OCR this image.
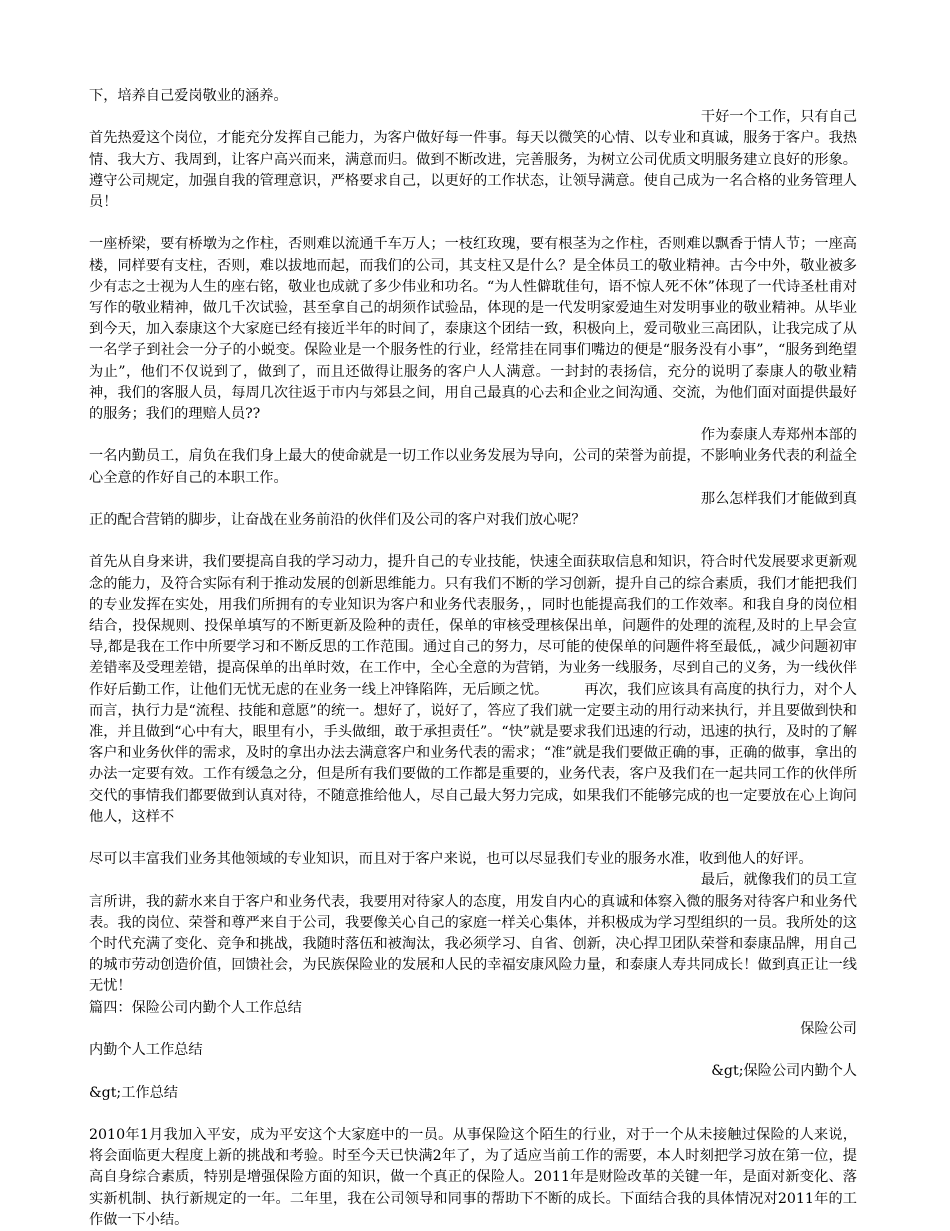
下，培养自己爱岗敬业的涵养。
干好一个工作，只有自己
首先热爱这个岗位，才能充分发挥自己能力，为客户做好每一件事。每天以微笑的心情、以专业和真诚，服务于客户。我热情、我大方、我周到，让客户高兴而来，满意而归。做到不断改进，完善服务，为树立公司优质文明服务建立良好的形象。遵守公司规定，加强自我的管理意识，严格要求自己，以更好的工作状态，让领导满意。使自己成为一名合格的业务管理人员！
一座桥梁，要有桥墩为之作柱，否则难以流通千车万人；一枝红玫瑰，要有根茎为之作柱，否则难以飘香于情人节；一座高楼，同样要有支柱，否则，难以拔地而起，而我们的公司，其支柱又是什么？是全体员工的敬业精神。古今中外，敬业被多少有志之士视为人生的座右铭，敬业也成就了多少伟业和功名。“为人性僻耽佳句，语不惊人死不休”体现了一代诗圣杜甫对写作的敬业精神，做几千次试验，甚至拿自己的胡须作试验品，体现的是一代发明家爱迪生对发明事业的敬业精神。从毕业到今天，加入泰康这个大家庭已经有接近半年的时间了，泰康这个团结一致，积极向上，爱司敬业三高团队，让我完成了从一名学子到社会一分子的小蜕变。保险业是一个服务性的行业，经常挂在同事们嘴边的便是“服务没有小事”，“服务到绝望为止”，他们不仅说到了，做到了，而且还做得让服务的客户人人满意。一封封的表扬信，充分的说明了泰康人的敬业精神，我们的客服人员，每周几次往返于市内与郊县之间，用自己最真的心去和企业之间沟通、交流，为他们面对面提供最好的服务；我们的理赔人员??
作为泰康人寿郑州本部的
一名内勤员工，肩负在我们身上最大的使命就是一切工作以业务发展为导向，公司的荣誉为前提，不影响业务代表的利益全心全意的作好自己的本职工作。
那么怎样我们才能做到真
正的配合营销的脚步，让奋战在业务前沿的伙伴们及公司的客户对我们放心呢？
首先从自身来讲，我们要提高自我的学习动力，提升自己的专业技能，快速全面获取信息和知识，符合时代发展要求更新观念的能力，及符合实际有利于推动发展的创新思维能力。只有我们不断的学习创新，提升自己的综合素质，我们才能把我们的专业发挥在实处，用我们所拥有的专业知识为客户和业务代表服务，，同时也能提高我们的工作效率。和我自身的岗位相结合，投保规则、投保单填写的不断更新及险种的责任，保单的审核受理核保出单，问题件的处理的流程,及时的上早会宣导,都是我在工作中所要学习和不断反思的工作范围。通过自己的努力，尽可能的使保单的问题件将至最低,，减少问题初审 差错率及受理差错，提高保单的出单时效，在工作中，全心全意的为营销，为业务一线服务，尽到自己的义务，为一线伙伴作好后勤工作，让他们无忧无虑的在业务一线上冲锋陷阵，无后顾之忧。　　　再次，我们应该具有高度的执行力，对个人而言，执行力是“流程、技能和意愿”的统一。想好了，说好了，答应了我们就一定要主动的用行动来执行，并且要做到快和准，并且做到“心中有大，眼里有小，手头做细，敢于承担责任”。“快”就是要求我们迅速的行动，迅速的执行，及时的了解客户和业务伙伴的需求，及时的拿出办法去满意客户和业务代表的需求；“准”就是我们要做正确的事，正确的做事，拿出的办法一定要有效。工作有缓急之分，但是所有我们要做的工作都是重要的，业务代表，客户及我们在一起共同工作的伙伴所交代的事情我们都要做到认真对待，不随意推给他人，尽自己最大努力完成，如果我们不能够完成的也一定要放在心上询问他人，这样不
尽可以丰富我们业务其他领域的专业知识，而且对于客户来说，也可以尽显我们专业的服务水准，收到他人的好评。
最后，就像我们的员工宣
言所讲，我的薪水来自于客户和业务代表，我要用对待家人的态度，用发自内心的真诚和体察入微的服务对待客户和业务代表。我的岗位、荣誉和尊严来自于公司，我要像关心自己的家庭一样关心集体，并积极成为学习型组织的一员。我所处的这个时代充满了变化、竞争和挑战，我随时落伍和被淘汰，我必须学习、自省、创新，决心捍卫团队荣誉和泰康品牌，用自己的城市劳动创造价值，回馈社会，为民族保险业的发展和人民的幸福安康风险力量，和泰康人寿共同成长！做到真正让一线无忧！
篇四：保险公司内勤个人工作总结
保险公司
内勤个人工作总结
&gt;保险公司内勤个人　
&gt;工作总结
2010年1月我加入平安，成为平安这个大家庭中的一员。从事保险这个陌生的行业，对于一个从未接触过保险的人来说，将会面临更大程度上新的挑战和考验。时至今天已快满2年了，为了适应当前工作的需要，本人时刻把学习放在第一位，提高自身综合素质，特别是增强保险方面的知识，做一个真正的保险人。2011年是财险改革的关键一年，是面对新变化、落实新机制、执行新规定的一年。二年里，我在公司领导和同事的帮助下不断的成长。下面结合我的具体情况对2011年的工作做一下小结。
